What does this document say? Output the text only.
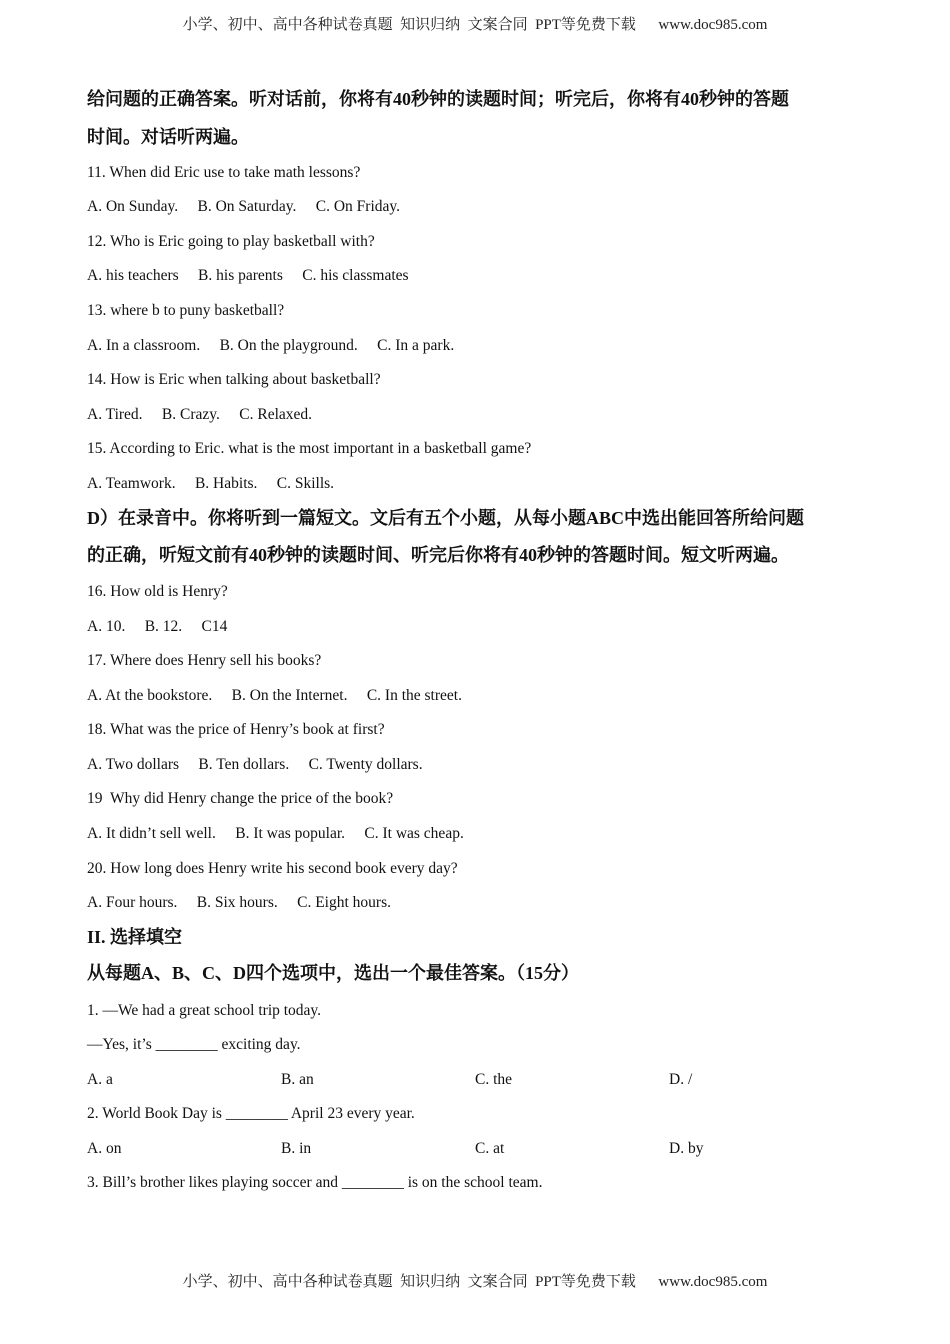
小学、初中、高中各种试卷真题  知识归纳  文案合同  PPT等免费下载      www.doc985.com
给问题的正确答案。听对话前，你将有40秒钟的读题时间；听完后，你将有40秒钟的答题
时间。对话听两遍。
11. When did Eric use to take math lessons?
A. On Sunday.     B. On Saturday.     C. On Friday.
12. Who is Eric going to play basketball with?
A. his teachers     B. his parents     C. his classmates
13. where b to puny basketball?
A. In a classroom.     B. On the playground.     C. In a park.
14. How is Eric when talking about basketball?
A. Tired.     B. Crazy.     C. Relaxed.
15. According to Eric. what is the most important in a basketball game?
A. Teamwork.     B. Habits.     C. Skills.
D）在录音中。你将听到一篇短文。文后有五个小题，从每小题ABC中选出能回答所给问题
的正确，听短文前有40秒钟的读题时间、听完后你将有40秒钟的答题时间。短文听两遍。
16. How old is Henry?
A. 10.     B. 12.     C14
17. Where does Henry sell his books?
A. At the bookstore.     B. On the Internet.     C. In the street.
18. What was the price of Henry’s book at first?
A. Two dollars     B. Ten dollars.     C. Twenty dollars.
19  Why did Henry change the price of the book?
A. It didn’t sell well.     B. It was popular.     C. It was cheap.
20. How long does Henry write his second book every day?
A. Four hours.     B. Six hours.     C. Eight hours.
II. 选择填空
从每题A、B、C、D四个选项中，选出一个最佳答案。（15分）
1. —We had a great school trip today.
—Yes, it’s ________ exciting day.
A. a	B. an	C. the	D. /
2. World Book Day is ________ April 23 every year.
A. on	B. in	C. at	D. by
3. Bill’s brother likes playing soccer and ________ is on the school team.
小学、初中、高中各种试卷真题  知识归纳  文案合同  PPT等免费下载      www.doc985.com
